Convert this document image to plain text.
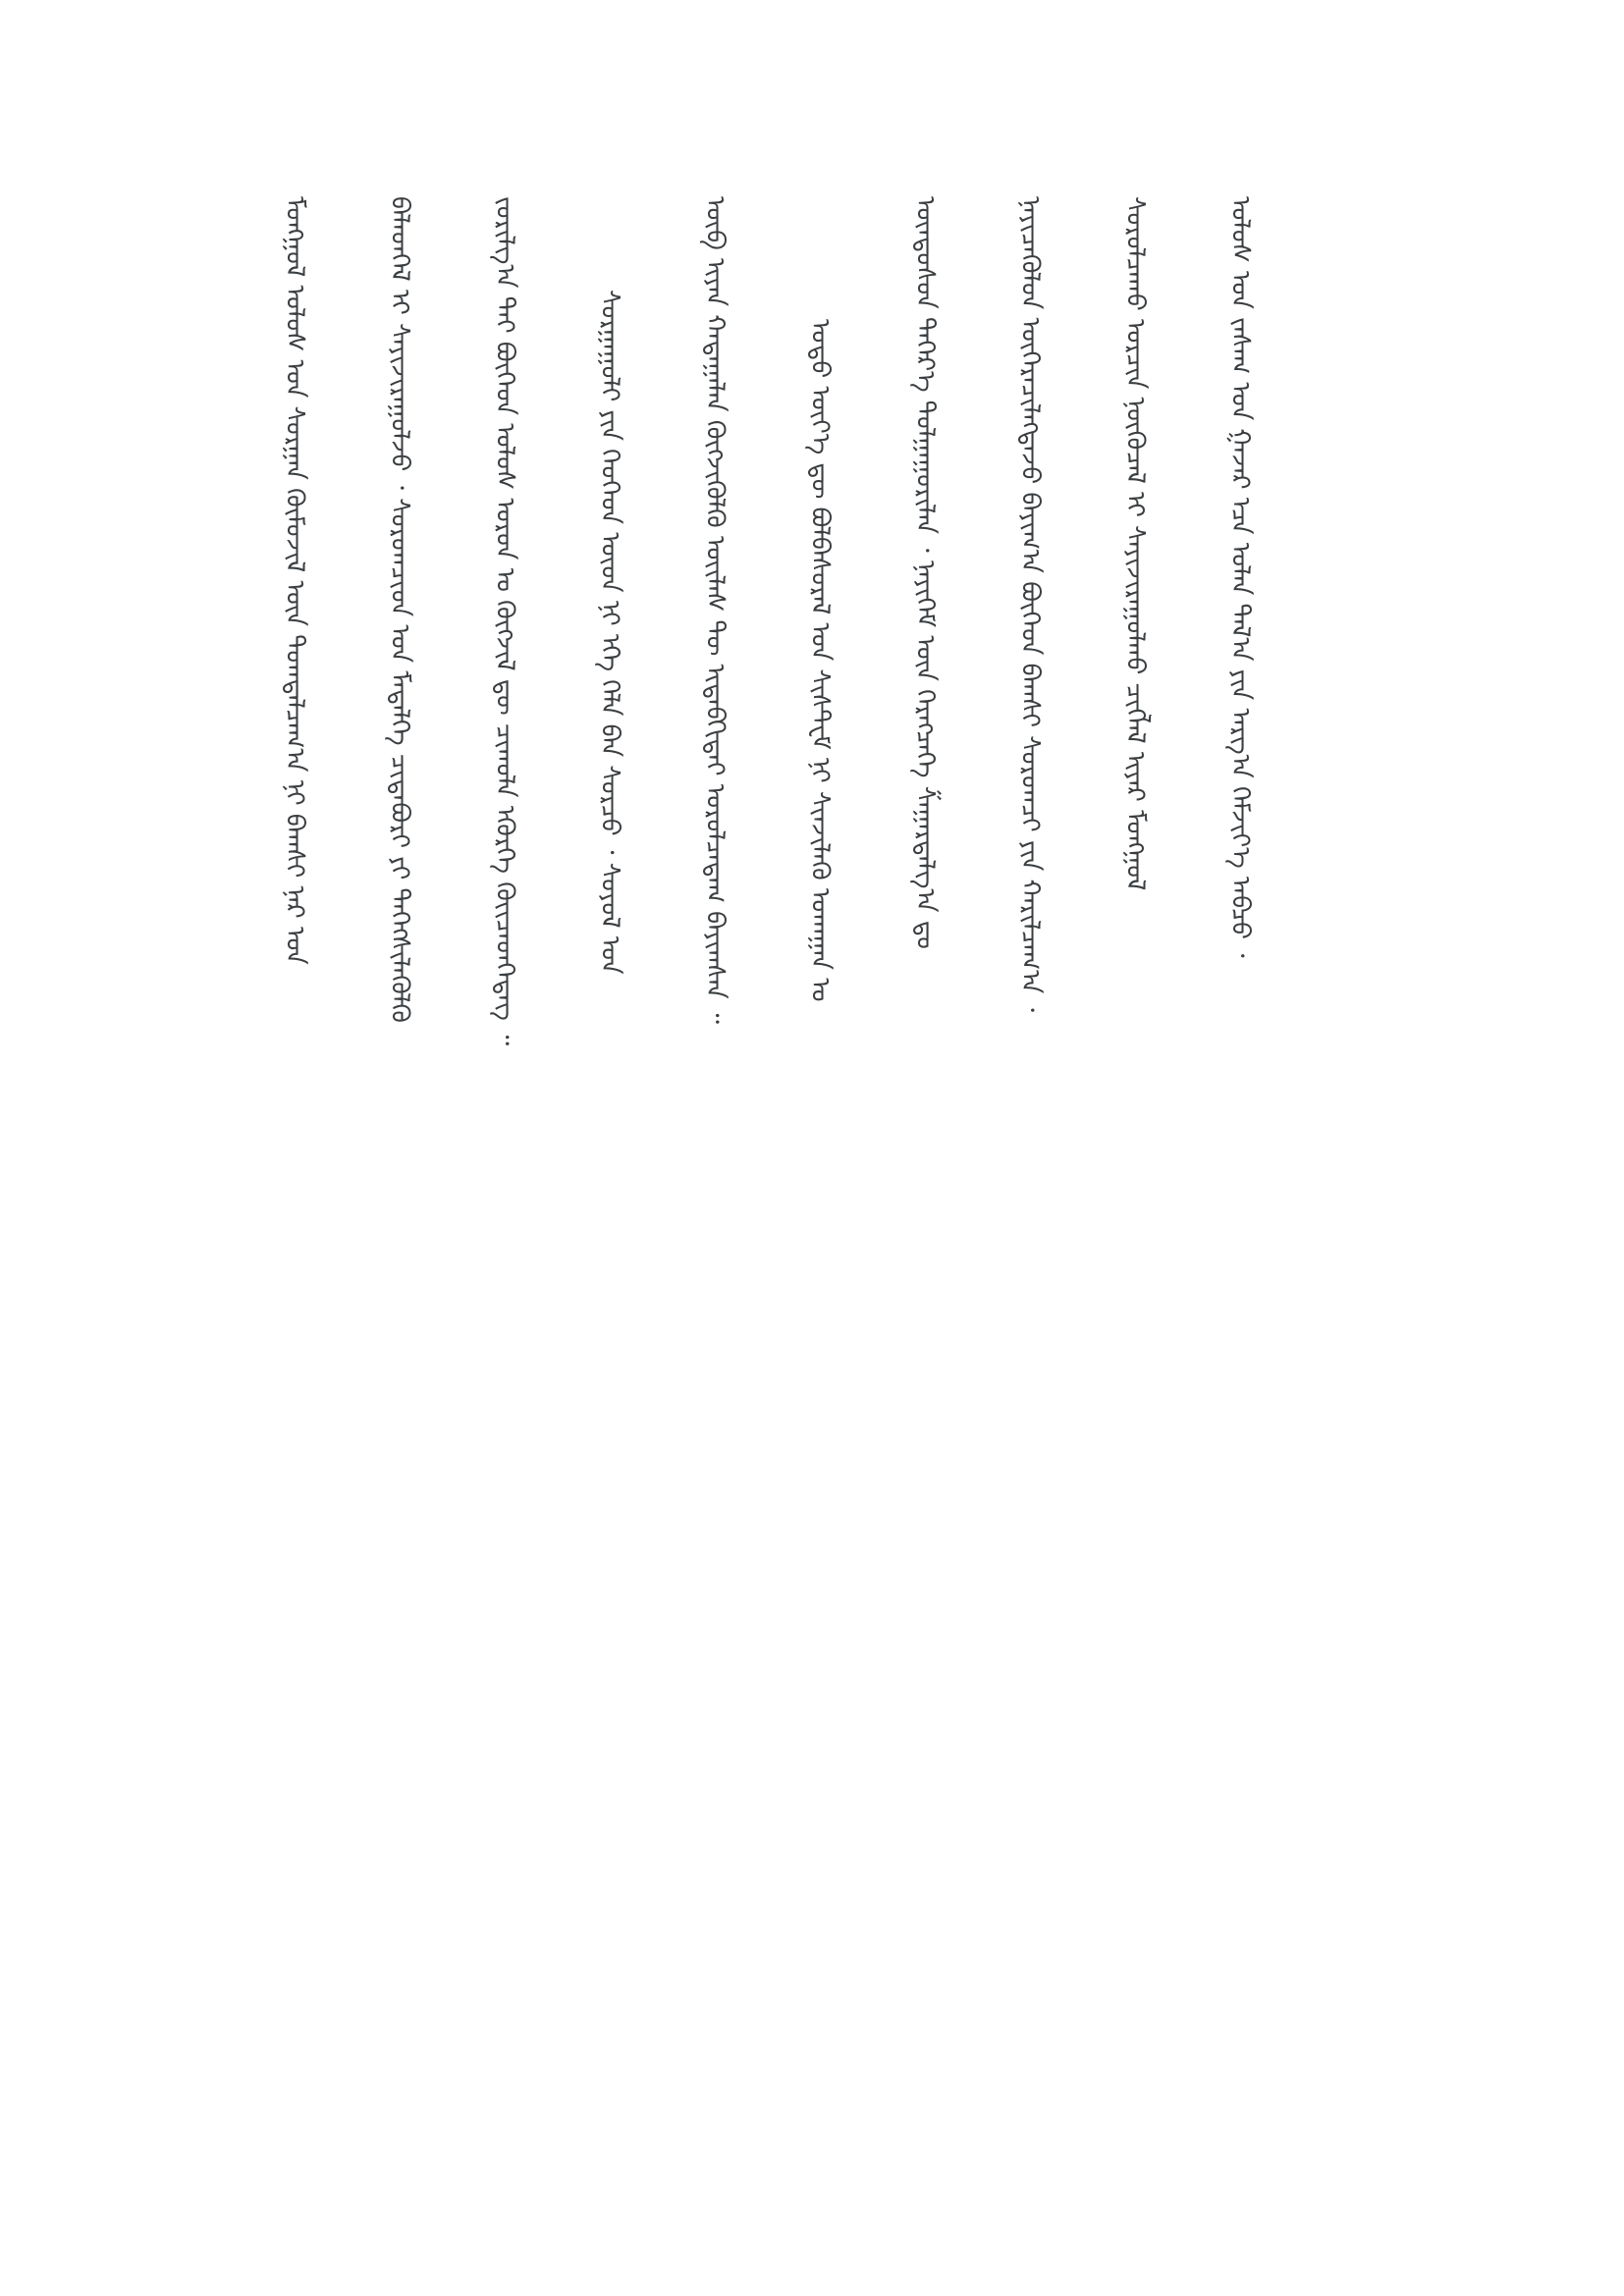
ᠮᠣᠩᠭᠣᠯ ᠤᠯᠤᠰ ᠤᠨ ᠰᠤᠷᠭᠠᠨ ᠬᠦᠮᠦᠵᠢᠯ ᠦᠨ ᠲᠣᠭᠲᠠᠯᠴᠠᠭ᠎ᠠ ᠨᠢ ᠪᠠᠭᠰᠢ ᠨᠠᠷ ᠤᠨ	ᠪᠡᠯᠡᠳᠬᠡᠯ ᠢ ᠰᠠᠶᠢᠵᠢᠷᠠᠭᠤᠯᠵᠤ ᠂ ᠰᠤᠷᠤᠭᠴᠢᠳ ᠤᠨ ᠮᠡᠳᠡᠯᠭᠡ ᠴᠢᠳᠠᠪᠤᠷᠢ ᠶᠢ ᠳᠡᠭᠡᠭᠰᠢᠯᠡᠭᠦᠯᠬᠦ	ᠵᠣᠷᠢᠯᠭ᠎ᠠ ᠲᠠᠢ ᠪᠥᠭᠡᠳ ᠤᠯᠤᠰ ᠣᠷᠣᠨ ᠤ ᠬᠥᠭᠵᠢᠯ ᠳᠦ ᠴᠢᠬᠤᠯᠠ ᠡᠭᠦᠷᠭᠡ ᠭᠦᠢᠴᠡᠳᠭᠡᠳᠡᠭ ᠃	ᠰᠤᠷᠭᠠᠭᠤᠯᠢ ᠶᠢᠨ ᠬᠡᠦᠬᠡᠳ ᠦᠳ ᠨᠢ ᠡᠬᠡ ᠬᠡᠯᠡ ᠪᠡᠨ ᠰᠤᠷᠴᠤ ᠂ ᠰᠣᠶᠣᠯ ᠤᠨ	ᠥᠪ ᠢᠶᠡᠨ ᠬᠠᠳᠠᠭᠠᠯᠠᠨ ᠬᠥᠭᠵᠢᠭᠦᠯᠬᠦ ᠦᠢᠯᠡᠰ ᠲᠦ ᠢᠳᠡᠪᠬᠢᠲᠡᠢ ᠣᠷᠣᠯᠴᠠᠳᠠᠭ ᠪᠠᠶᠢᠭᠰᠠᠨ ᠃	ᠣᠳᠣ ᠦᠶ᠎ᠡ ᠳᠦ ᠪᠣᠯᠪᠠᠰᠤᠷᠠᠯ ᠤᠨ ᠰᠢᠰᠲ᠋ᠧᠮ ᠨᠢ ᠰᠢᠨᠵᠢᠯᠡᠬᠦ ᠤᠬᠠᠭᠠᠨ ᠤ	ᠦᠨᠳᠦᠰᠦᠨ ᠳᠡᠭᠡᠷ᠎ᠡ ᠲᠤᠯᠭᠠᠭᠤᠷᠢᠯᠠᠨ ᠂ ᠨᠡᠶᠢᠭᠡᠮ ᠦᠨ ᠬᠡᠷᠡᠭᠴᠡᠭᠡ ᠱᠠᠭᠠᠷᠳᠠᠯᠭ᠎ᠠ ᠳᠤ	ᠨᠡᠶᠢᠴᠡᠭᠦᠯᠦᠨ ᠥᠭᠡᠷᠡᠴᠢᠯᠡᠭᠳᠡᠵᠦ ᠪᠠᠶᠢᠭ᠎ᠠ ᠪᠥᠭᠡᠳ ᠪᠠᠭᠰᠢ ᠰᠤᠷᠤᠭᠴᠢ ᠶᠢᠨ ᠬᠠᠷᠢᠯᠴᠠᠭ᠎ᠠ ᠂	ᠰᠤᠷᠤᠯᠴᠠᠬᠤ ᠣᠷᠴᠢᠨ ᠨᠥᠬᠥᠴᠡᠯ ᠢ ᠰᠠᠶᠢᠵᠢᠷᠠᠭᠤᠯᠬᠤ ᠴᠢᠭᠯᠡᠯ ᠢᠶᠡᠷ ᠮᠣᠩᠭᠣᠯ	ᠤᠯᠤᠰ ᠤᠨ ᠵᠠᠰᠠᠭ ᠤᠨ ᠭᠠᠵᠠᠷ ᠡᠴᠡ ᠣᠯᠠᠨ ᠲᠠᠯ᠎ᠠ ᠶᠢᠨ ᠠᠷᠭ᠎ᠠ ᠬᠡᠮᠵᠢᠶ᠎ᠡ ᠠᠪᠴᠤ ᠂
